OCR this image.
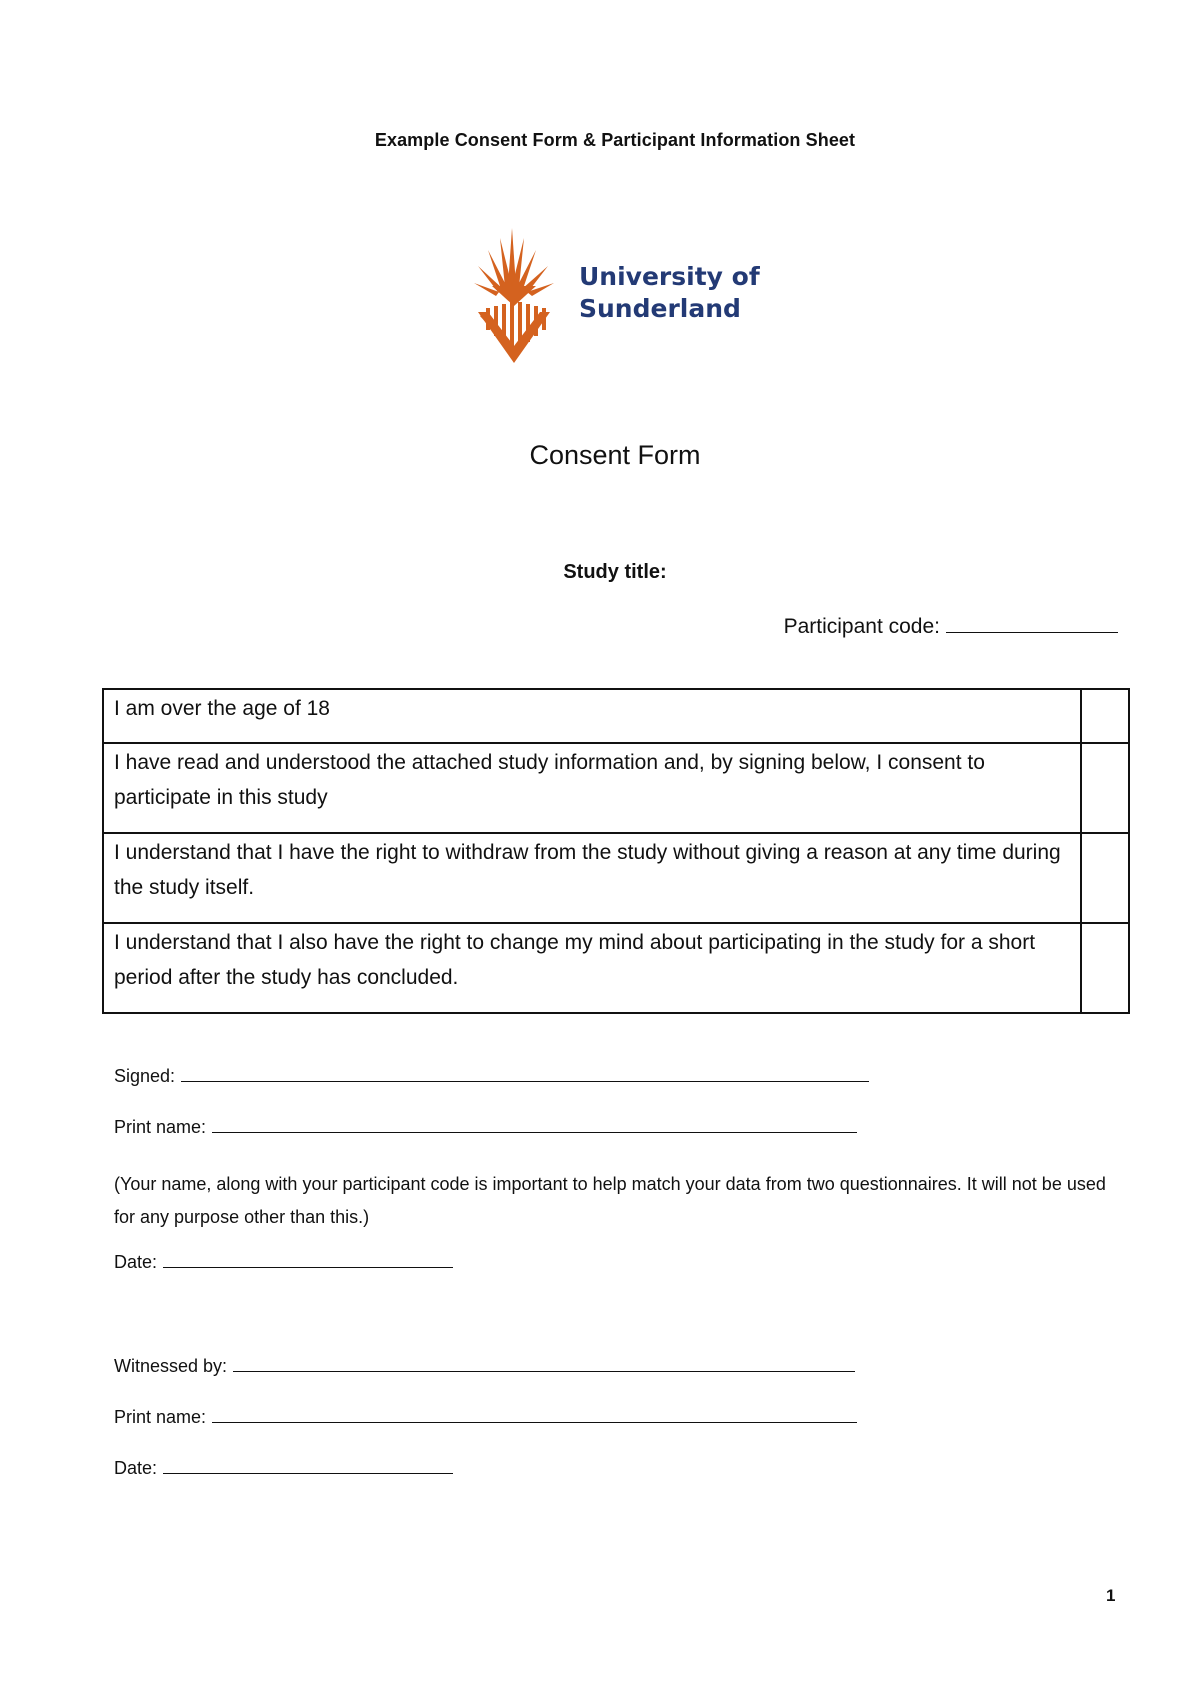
Example Consent Form & Participant Information Sheet
University of
Sunderland
Consent Form
Study title:
Participant code:
I am over the age of 18	
I have read and understood the attached study information and, by signing below, I consent to participate in this study	
I understand that I have the right to withdraw from the study without giving a reason at any time during the study itself.	
I understand that I also have the right to change my mind about participating in the study for a short period after the study has concluded.	
Signed:
Print name:
(Your name, along with your participant code is important to help match your data from two questionnaires. It will not be used for any purpose other than this.)
Date:
Witnessed by:
Print name:
Date:
1
